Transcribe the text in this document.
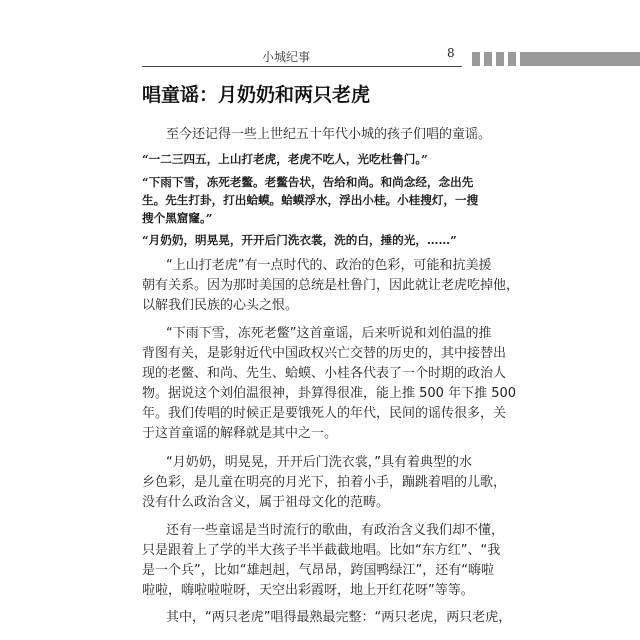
小城纪事	8
唱童谣：月奶奶和两只老虎
至今还记得一些上世纪五十年代小城的孩子们唱的童谣。
“一二三四五，上山打老虎，老虎不吃人，光吃杜鲁门。”
“下雨下雪，冻死老鳖。老鳖告状，告给和尚。和尚念经，念出先
生。先生打卦，打出蛤蟆。蛤蟆浮水，浮出小桂。小桂搜灯，一搜
搜个黑窟窿。”
“月奶奶，明晃晃，开开后门洗衣裳，洗的白，捶的光，……”
“上山打老虎”有一点时代的、政治的色彩，可能和抗美援
朝有关系。因为那时美国的总统是杜鲁门，因此就让老虎吃掉他，
以解我们民族的心头之恨。
“下雨下雪，冻死老鳖”这首童谣，后来听说和刘伯温的推
背图有关，是影射近代中国政权兴亡交替的历史的，其中接替出
现的老鳖、和尚、先生、蛤蟆、小桂各代表了一个时期的政治人
物。据说这个刘伯温很神，卦算得很准，能上推 500 年下推 500
年。我们传唱的时候正是要饿死人的年代，民间的谣传很多，关
于这首童谣的解释就是其中之一。
“月奶奶，明晃晃，开开后门洗衣裳，”具有着典型的水
乡色彩，是儿童在明亮的月光下，拍着小手，蹦跳着唱的儿歌，
没有什么政治含义，属于祖母文化的范畴。
还有一些童谣是当时流行的歌曲，有政治含义我们却不懂，
只是跟着上了学的半大孩子半半截截地唱。比如“东方红”、“我
是一个兵”，比如“雄赳赳，气昂昂，跨国鸭绿江”，还有“嗨啦
啦啦，嗨啦啦啦呀，天空出彩霞呀，地上开红花呀”等等。
其中，“两只老虎”唱得最熟最完整：“两只老虎，两只老虎，
